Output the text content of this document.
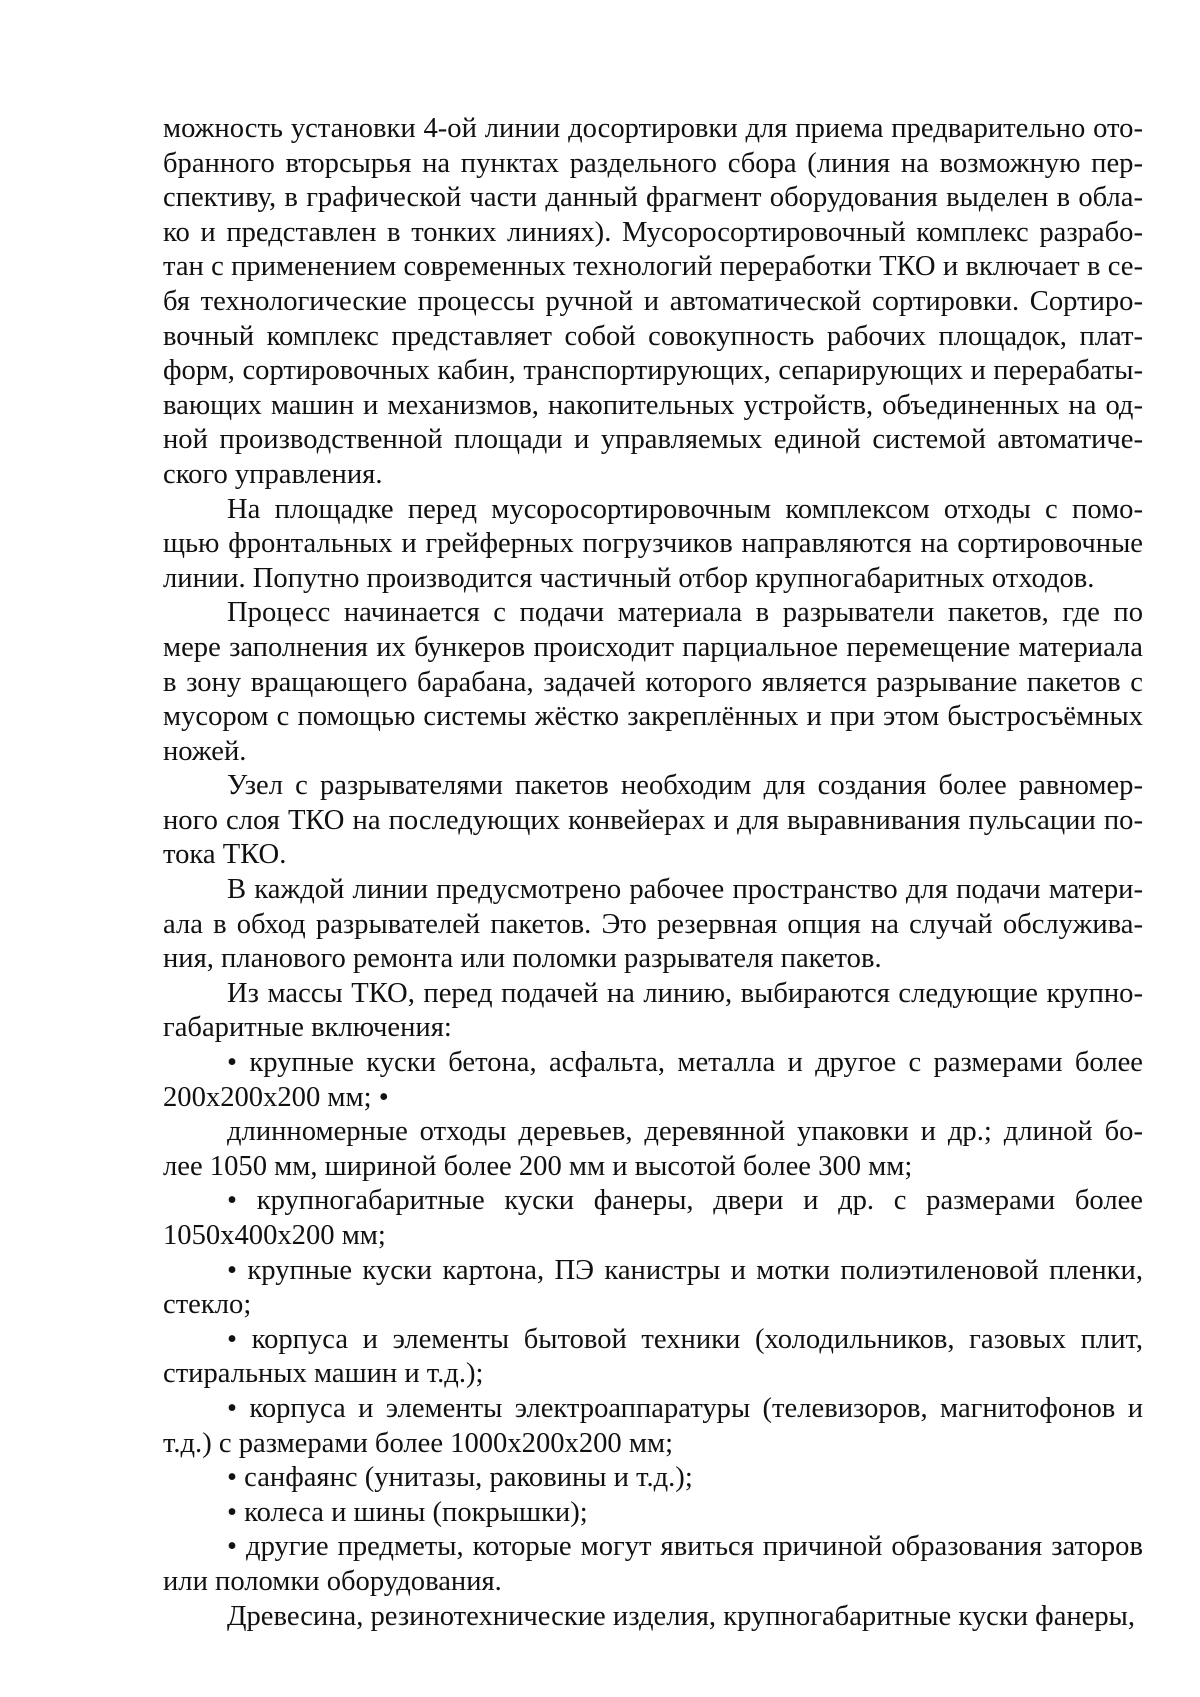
можность установки 4-ой линии досортировки для приема предварительно ото-бранного вторсырья на пунктах раздельного сбора (линия на возможную пер-спективу, в графической части данный фрагмент оборудования выделен в обла-ко и представлен в тонких линиях). Мусоросортировочный комплекс разрабо-тан с применением современных технологий переработки ТКО и включает в се-бя технологические процессы ручной и автоматической сортировки. Сортиро-вочный комплекс представляет собой совокупность рабочих площадок, плат-форм, сортировочных кабин, транспортирующих, сепарирующих и перерабаты-вающих машин и механизмов, накопительных устройств, объединенных на од-ной производственной площади и управляемых единой системой автоматиче-ского управления.

На площадке перед мусоросортировочным комплексом отходы с помо-щью фронтальных и грейферных погрузчиков направляются на сортировочные линии. Попутно производится частичный отбор крупногабаритных отходов.

Процесс начинается с подачи материала в разрыватели пакетов, где по мере заполнения их бункеров происходит парциальное перемещение материала в зону вращающего барабана, задачей которого является разрывание пакетов с мусором с помощью системы жёстко закреплённых и при этом быстросъёмных ножей.

Узел с разрывателями пакетов необходим для создания более равномер-ного слоя ТКО на последующих конвейерах и для выравнивания пульсации по-тока ТКО.

В каждой линии предусмотрено рабочее пространство для подачи матери-ала в обход разрывателей пакетов. Это резервная опция на случай обслужива-ния, планового ремонта или поломки разрывателя пакетов.

Из массы ТКО, перед подачей на линию, выбираются следующие крупно-габаритные включения:

• крупные куски бетона, асфальта, металла и другое с размерами более 200х200х200 мм; •

длинномерные отходы деревьев, деревянной упаковки и др.; длиной бо-лее 1050 мм, шириной более 200 мм и высотой более 300 мм;

• крупногабаритные куски фанеры, двери и др. с размерами более 1050х400х200 мм;

• крупные куски картона, ПЭ канистры и мотки полиэтиленовой пленки, стекло;

• корпуса и элементы бытовой техники (холодильников, газовых плит, стиральных машин и т.д.);

• корпуса и элементы электроаппаратуры (телевизоров, магнитофонов и т.д.) с размерами более 1000х200х200 мм;

• санфаянс (унитазы, раковины и т.д.);

• колеса и шины (покрышки);

• другие предметы, которые могут явиться причиной образования заторов или поломки оборудования.

Древесина, резинотехнические изделия, крупногабаритные куски фанеры,
